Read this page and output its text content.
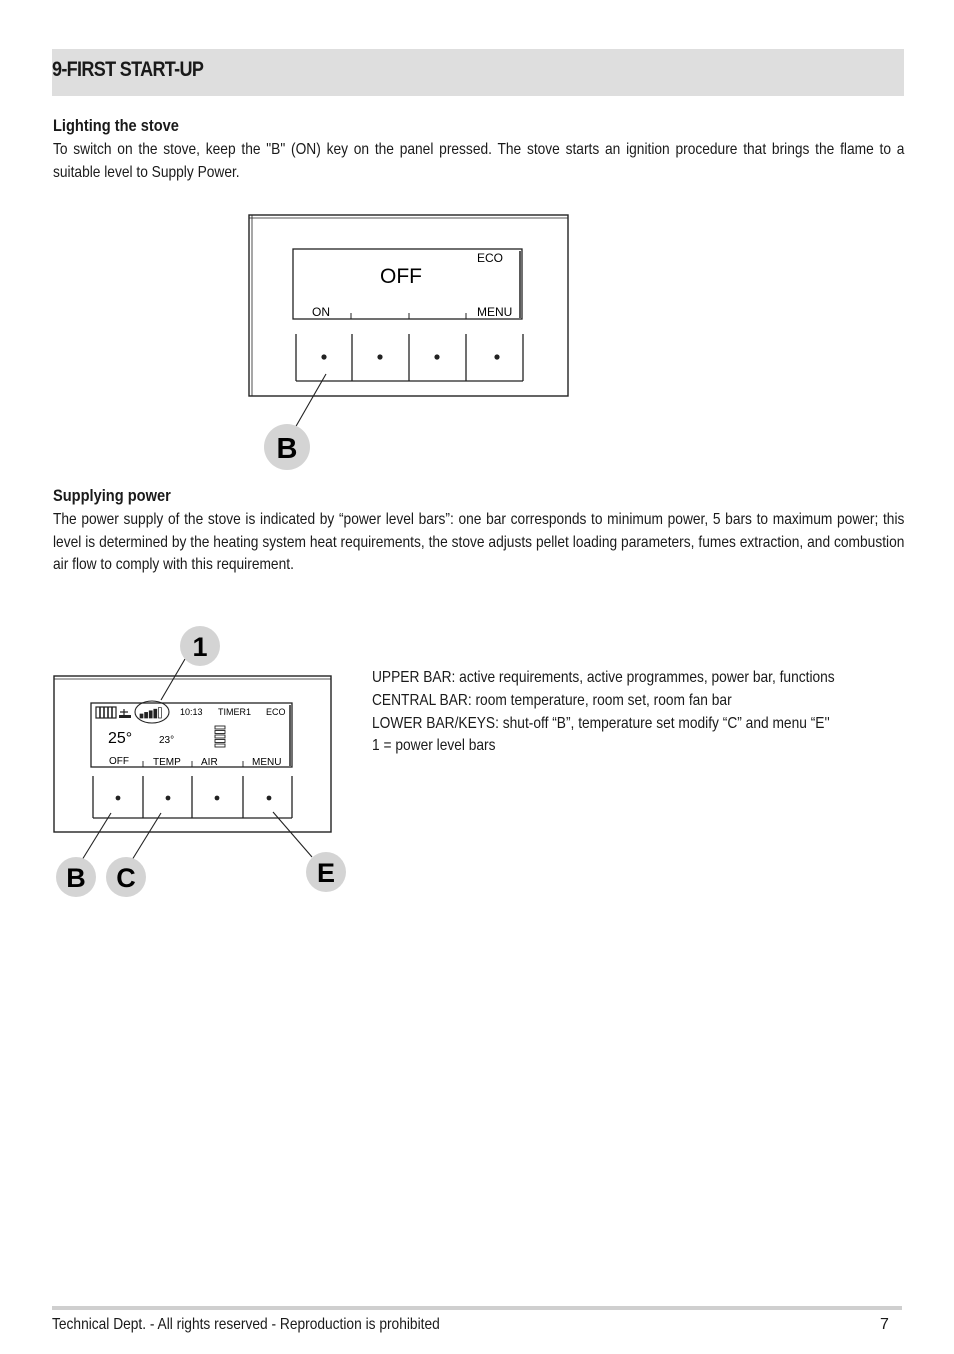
9-FIRST START-UP
Lighting the stove

To switch on the stove, keep the "B" (ON) key on the panel pressed. The stove starts an ignition procedure that brings the flame to a suitable level to Supply Power.

OFF
ECO
ON	MENU
B
Supplying power

The power supply of the stove is indicated by “power level bars”: one bar corresponds to minimum power, 5 bars to maximum power; this level is determined by the heating system heat requirements, the stove adjusts pellet loading parameters, fumes extraction, and combustion air flow to comply with this requirement.

10:13 TIMER1 ECO
25°	23°
OFF TEMP AIR	MENU
1
B C	E
UPPER BAR: active requirements, active programmes, power bar, functions
CENTRAL BAR: room temperature, room set, room fan bar
LOWER BAR/KEYS: shut-off “B”, temperature set modify “C” and menu “E''
1 = power level bars
Technical Dept. - All rights reserved - Reproduction is prohibited	7
